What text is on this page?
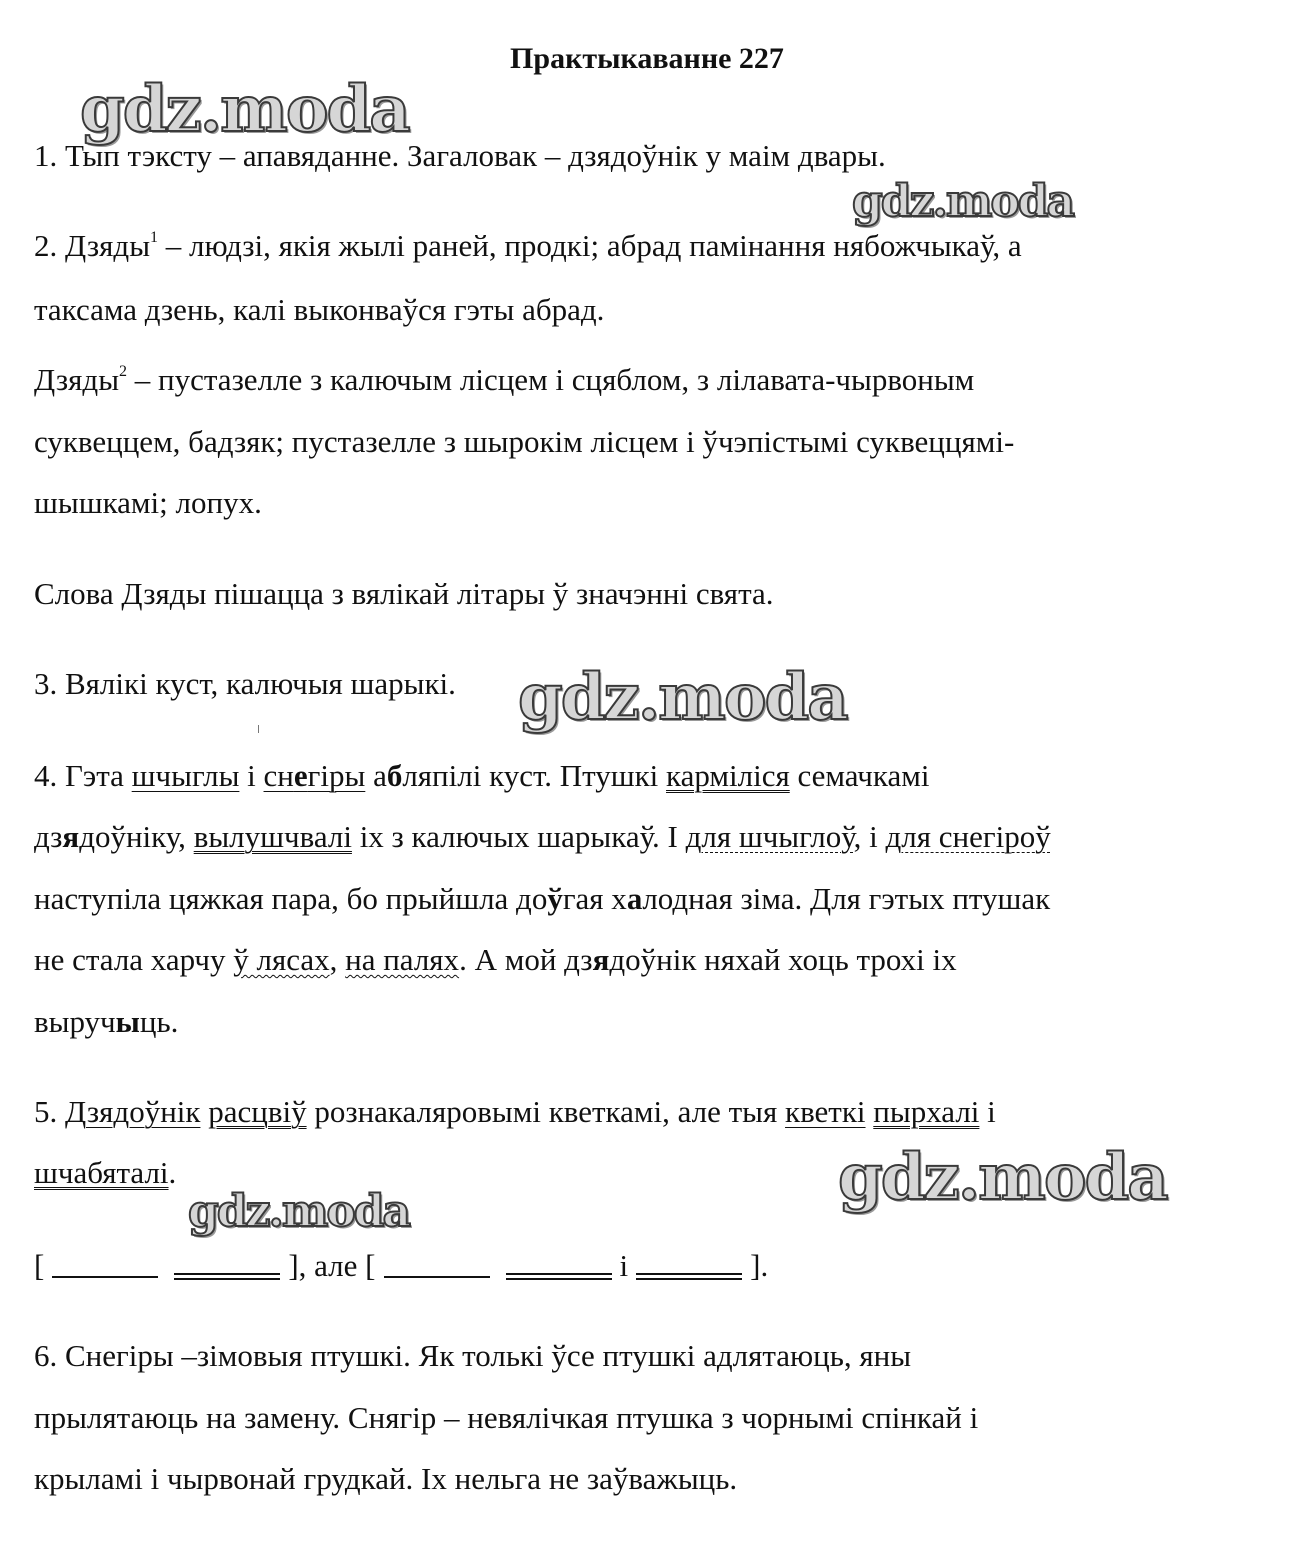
Практыкаванне 227
gdz.moda
gdz.moda
gdz.moda
gdz.moda
gdz.moda
1. Тып тэксту – апавяданне. Загаловак – дзядоўнік у маім двары.
2. Дзяды$^1$ – людзі, якія жылі раней, продкі; абрад памінання нябожчыкаў, а
таксама дзень, калі выконваўся гэты абрад.
Дзяды$^2$ – пустазелле з калючым лісцем і сцяблом, з лілавата-чырвоным
суквеццем, бадзяк; пустазелле з шырокім лісцем і ўчэпістымі суквеццямі-
шышкамі; лопух.
Слова Дзяды пішацца з вялікай літары ў значэнні свята.
3. Вялікі куст, калючыя шарыкі.
4. Гэта шчыглы і снегіры абляпілі куст. Птушкі карміліся семачкамі
дзядоўніку, вылушчвалі іх з калючых шарыкаў. І для шчыглоў, і для снегіроў
наступіла цяжкая пара, бо прыйшла доўгая халодная зіма. Для гэтых птушак
не стала харчу ў лясах, на палях. А мой дзядоўнік няхай хоць трохі іх
выручыць.
5. Дзядоўнік расцвіў рознакаляровымі кветкамі, але тыя кветкі пырхалі і
шчабяталі.
[	], але [	і	].
6. Снегіры –зімовыя птушкі. Як толькі ўсе птушкі адлятаюць, яны
прылятаюць на замену. Снягір – невялічкая птушка з чорнымі спінкай і
крыламі і чырвонай грудкай. Іх нельга не заўважыць.
